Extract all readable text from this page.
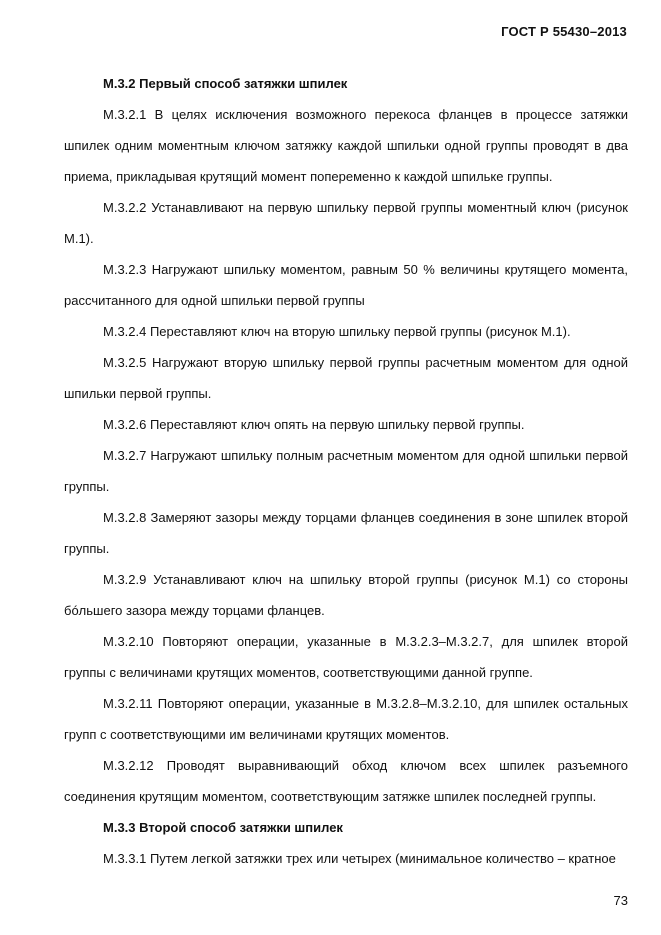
ГОСТ Р 55430–2013

М.3.2 Первый способ затяжки шпилек

М.3.2.1 В целях исключения возможного перекоса фланцев в процессе затяжки шпилек одним моментным ключом затяжку каждой шпильки одной группы проводят в два приема, прикладывая крутящий момент попеременно к каждой шпильке группы.

М.3.2.2 Устанавливают на первую шпильку первой группы моментный ключ (рисунок М.1).

М.3.2.3 Нагружают шпильку моментом, равным 50 % величины крутящего момента, рассчитанного для одной шпильки первой группы

М.3.2.4 Переставляют ключ на вторую шпильку первой группы (рисунок М.1).

М.3.2.5 Нагружают вторую шпильку первой группы расчетным моментом для одной шпильки первой группы.

М.3.2.6 Переставляют ключ опять на первую шпильку первой группы.

М.3.2.7 Нагружают шпильку полным расчетным моментом для одной шпильки первой группы.

М.3.2.8 Замеряют зазоры между торцами фланцев соединения в зоне шпилек второй группы.

М.3.2.9 Устанавливают ключ на шпильку второй группы (рисунок М.1) со стороны бóльшего зазора между торцами фланцев.

М.3.2.10 Повторяют операции, указанные в М.3.2.3–М.3.2.7, для шпилек второй группы с величинами крутящих моментов, соответствующими данной группе.

М.3.2.11 Повторяют операции, указанные в М.3.2.8–М.3.2.10, для шпилек остальных групп с соответствующими им величинами крутящих моментов.

М.3.2.12 Проводят выравнивающий обход ключом всех шпилек разъемного соединения крутящим моментом, соответствующим затяжке шпилек последней группы.

М.3.3 Второй способ затяжки шпилек

М.3.3.1 Путем легкой затяжки трех или четырех (минимальное количество – кратное

73
